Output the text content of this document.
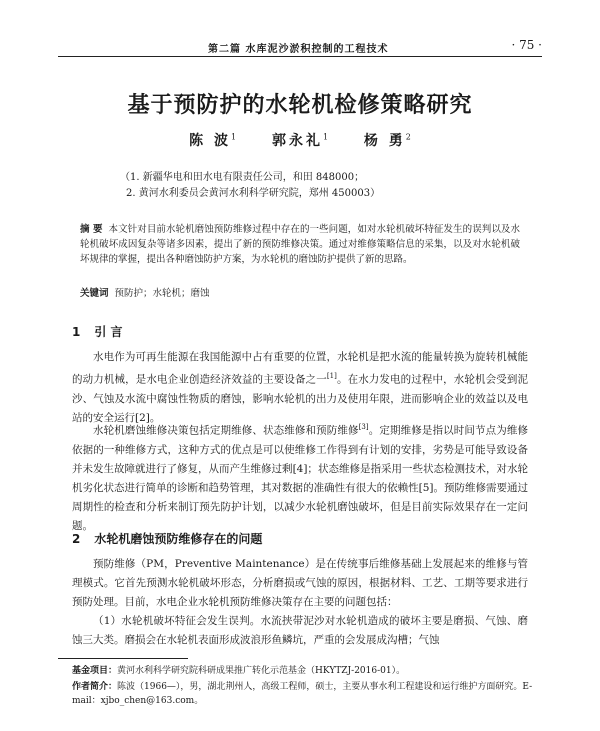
第二篇 水库泥沙淤积控制的工程技术	· 75 ·
基于预防护的水轮机检修策略研究
陈 波$^1$	郭永礼$^1$	杨 勇$^2$
（1. 新疆华电和田水电有限责任公司，和田 848000；
2. 黄河水利委员会黄河水利科学研究院，郑州 450003）
摘 要 本文针对目前水轮机磨蚀预防维修过程中存在的一些问题，如对水轮机破坏特征发生的误判以及水轮机破坏成因复杂等诸多因素，提出了新的预防维修决策。通过对维修策略信息的采集，以及对水轮机破坏规律的掌握，提出各种磨蚀防护方案，为水轮机的磨蚀防护提供了新的思路。
关键词 预防护；水轮机；磨蚀
1 引 言
水电作为可再生能源在我国能源中占有重要的位置，水轮机是把水流的能量转换为旋转机械能的动力机械，是水电企业创造经济效益的主要设备之一[1]。在水力发电的过程中，水轮机会受到泥沙、气蚀及水流中腐蚀性物质的磨蚀，影响水轮机的出力及使用年限，进而影响企业的效益以及电站的安全运行[2]。
水轮机磨蚀维修决策包括定期维修、状态维修和预防维修[3]。定期维修是指以时间节点为维修依据的一种维修方式，这种方式的优点是可以使维修工作得到有计划的安排，劣势是可能导致设备并未发生故障就进行了修复，从而产生维修过剩[4]；状态维修是指采用一些状态检测技术，对水轮机劣化状态进行简单的诊断和趋势管理，其对数据的准确性有很大的依赖性[5]。预防维修需要通过周期性的检查和分析来制订预先防护计划，以减少水轮机磨蚀破坏，但是目前实际效果存在一定问题。
2 水轮机磨蚀预防维修存在的问题
预防维修（PM，Preventive Maintenance）是在传统事后维修基础上发展起来的维修与管理模式。它首先预测水轮机破坏形态，分析磨损或气蚀的原因，根据材料、工艺、工期等要求进行预防处理。目前，水电企业水轮机预防维修决策存在主要的问题包括：
（1）水轮机破坏特征会发生误判。水流挟带泥沙对水轮机造成的破坏主要是磨损、气蚀、磨蚀三大类。磨损会在水轮机表面形成波浪形鱼鳞坑，严重的会发展成沟槽；气蚀
基金项目：黄河水利科学研究院科研成果推广转化示范基金（HKYTZJ-2016-01）。
作者简介：陈波（1966—），男，湖北荆州人，高级工程师，硕士，主要从事水利工程建设和运行维护方面研究。E-mail：xjbo_chen@163.com。
